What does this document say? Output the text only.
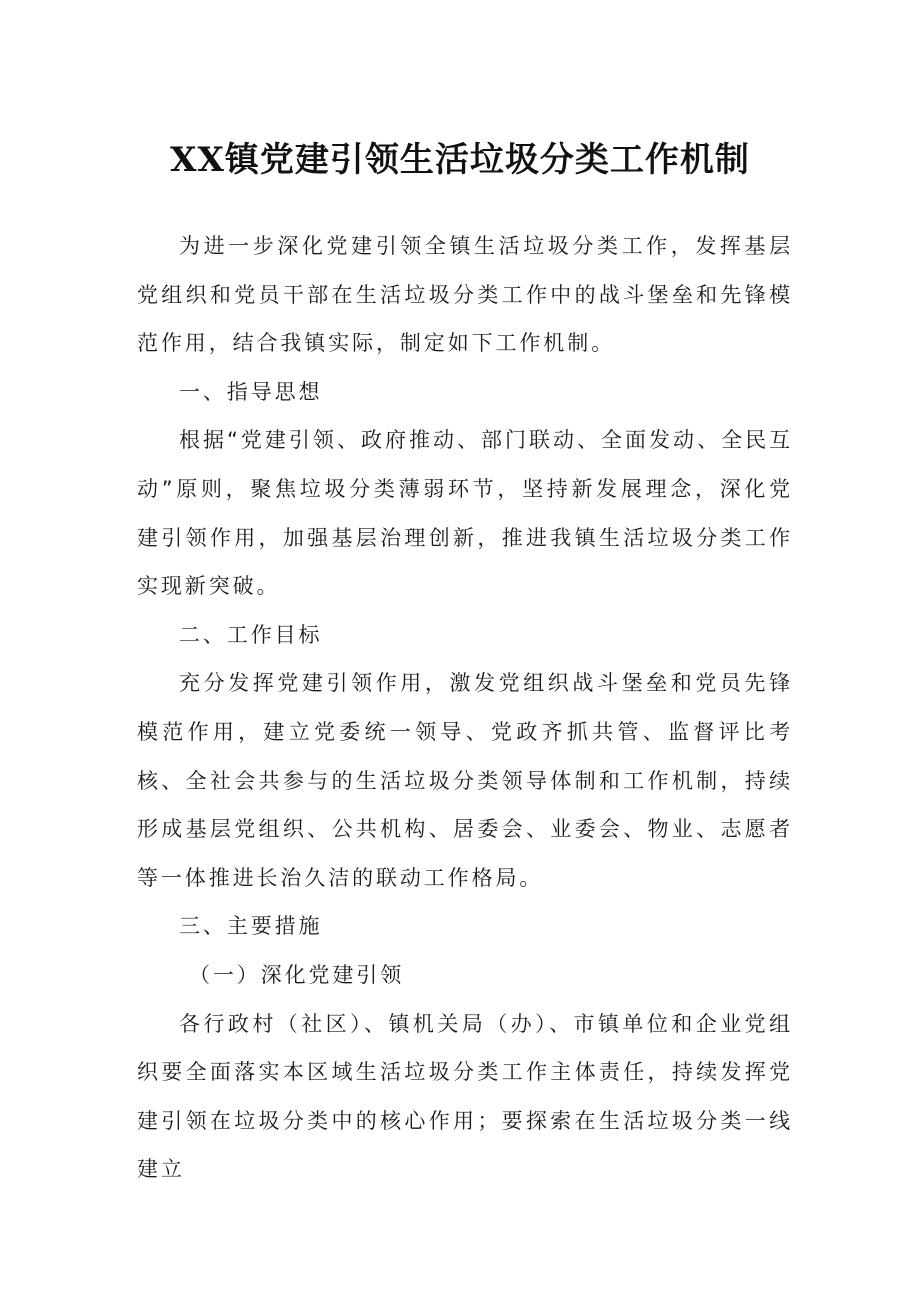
XX镇党建引领生活垃圾分类工作机制

为进一步深化党建引领全镇生活垃圾分类工作，发挥基层党组织和党员干部在生活垃圾分类工作中的战斗堡垒和先锋模范作用，结合我镇实际，制定如下工作机制。

一、指导思想

根据“党建引领、政府推动、部门联动、全面发动、全民互动”原则，聚焦垃圾分类薄弱环节，坚持新发展理念，深化党建引领作用，加强基层治理创新，推进我镇生活垃圾分类工作实现新突破。

二、工作目标

充分发挥党建引领作用，激发党组织战斗堡垒和党员先锋模范作用，建立党委统一领导、党政齐抓共管、监督评比考核、全社会共参与的生活垃圾分类领导体制和工作机制，持续形成基层党组织、公共机构、居委会、业委会、物业、志愿者等一体推进长治久洁的联动工作格局。

三、主要措施

（一）深化党建引领

各行政村（社区）、镇机关局（办）、市镇单位和企业党组织要全面落实本区域生活垃圾分类工作主体责任，持续发挥党建引领在垃圾分类中的核心作用；要探索在生活垃圾分类一线建立
